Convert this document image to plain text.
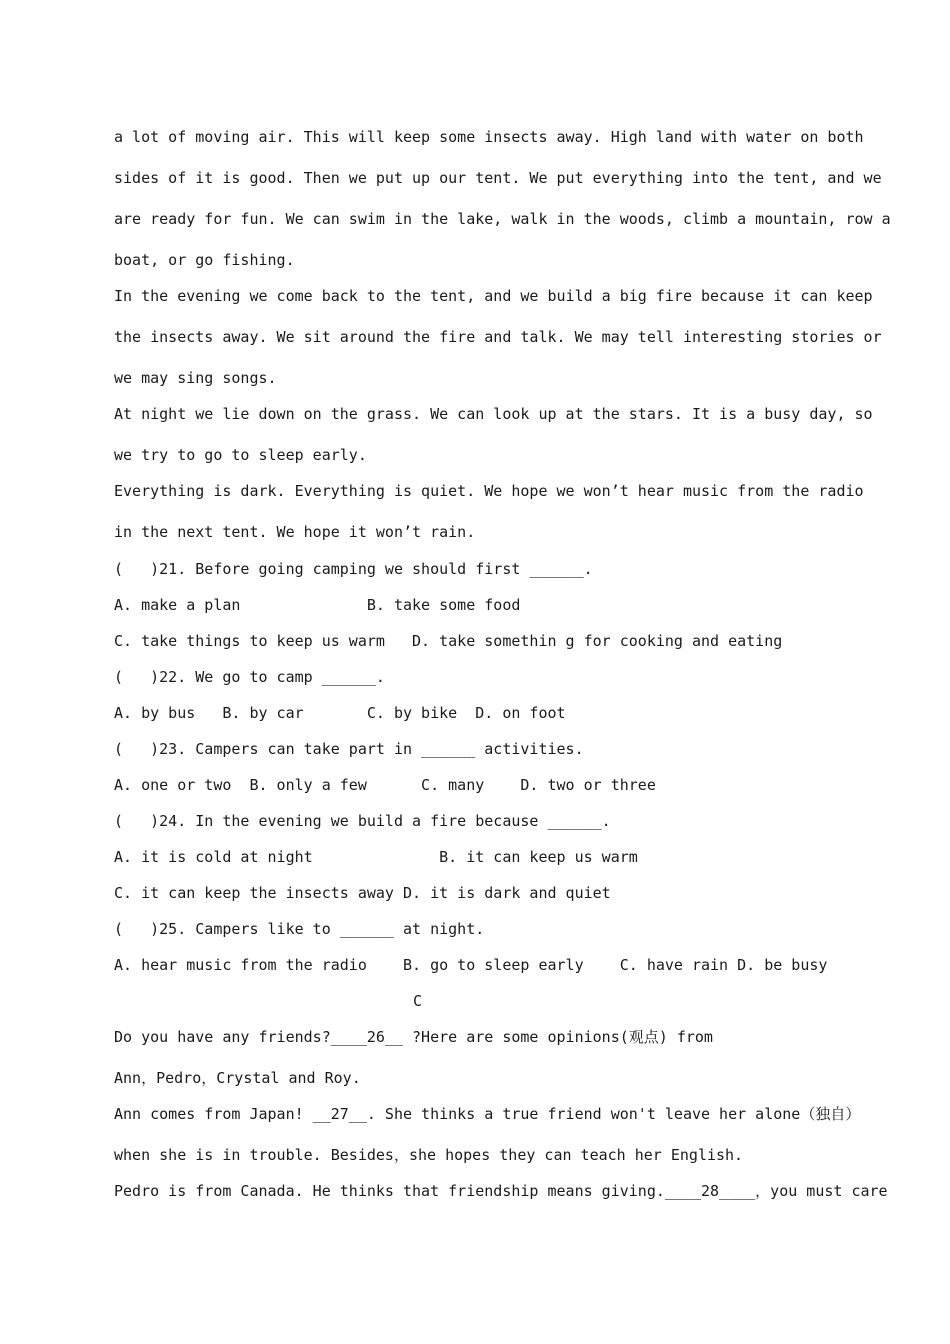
a lot of moving air. This will keep some insects away. High land with water on both
sides of it is good. Then we put up our tent. We put everything into the tent, and we
are ready for fun. We can swim in the lake, walk in the woods, climb a mountain, row a
boat, or go fishing.
In the evening we come back to the tent, and we build a big fire because it can keep
the insects away. We sit around the fire and talk. We may tell interesting stories or
we may sing songs.
At night we lie down on the grass. We can look up at the stars. It is a busy day, so
we try to go to sleep early.
Everything is dark. Everything is quiet. We hope we won’t hear music from the radio
in the next tent. We hope it won’t rain.
(   )21. Before going camping we should first ______.
A. make a plan              B. take some food
C. take things to keep us warm   D. take somethin g for cooking and eating
(   )22. We go to camp ______.
A. by bus   B. by car       C. by bike  D. on foot
(   )23. Campers can take part in ______ activities.
A. one or two  B. only a few      C. many    D. two or three
(   )24. In the evening we build a fire because ______.
A. it is cold at night              B. it can keep us warm
C. it can keep the insects away D. it is dark and quiet
(   )25. Campers like to ______ at night.
A. hear music from the radio    B. go to sleep early    C. have rain D. be busy
C
Do you have any friends?____26__ ?Here are some opinions(观点) from
Ann，Pedro，Crystal and Roy.
Ann comes from Japan! __27__. She thinks a true friend won't leave her alone（独自）
when she is in trouble. Besides，she hopes they can teach her English.
Pedro is from Canada. He thinks that friendship means giving.____28____，you must care
